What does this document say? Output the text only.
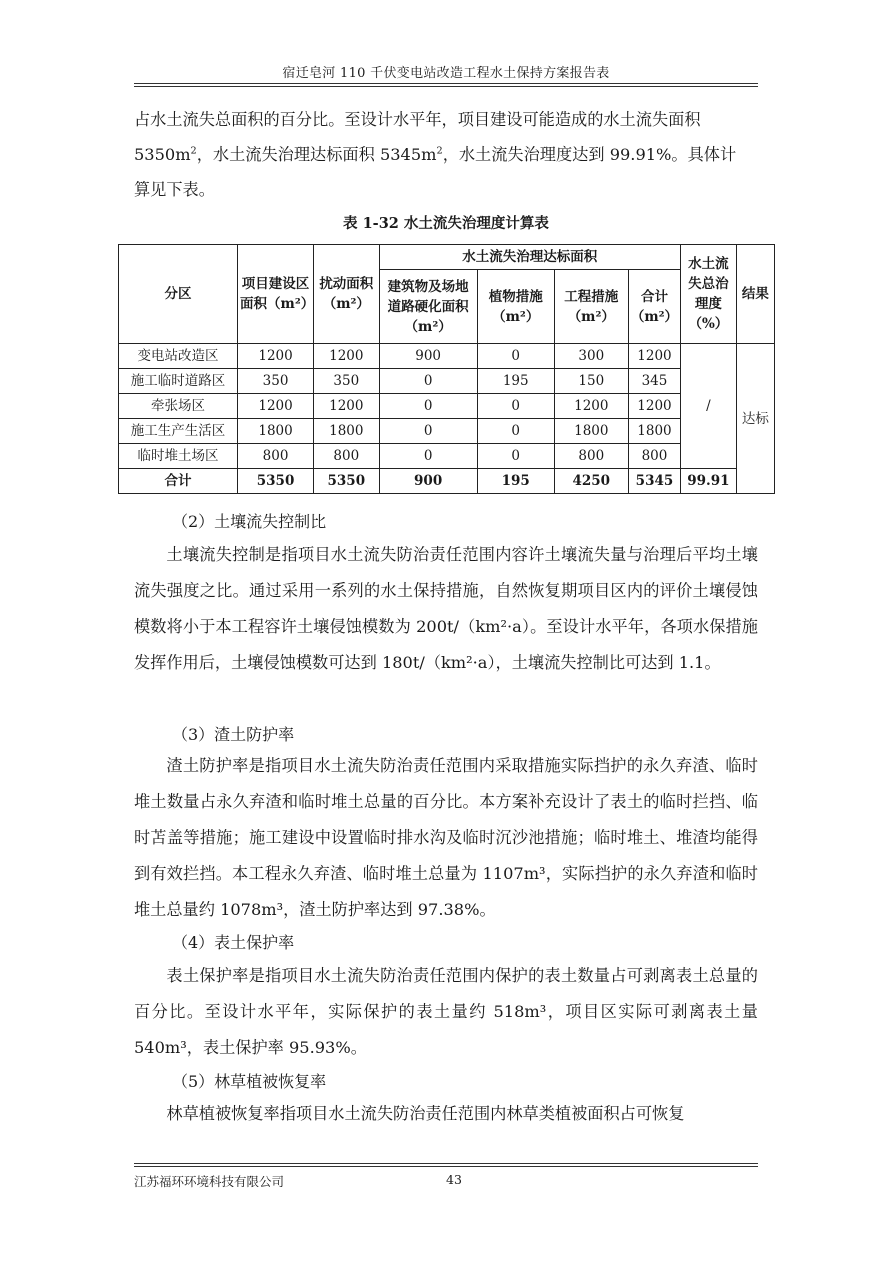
宿迁皂河 110 千伏变电站改造工程水土保持方案报告表
占水土流失总面积的百分比。至设计水平年，项目建设可能造成的水土流失面积
$5350m^2$，水土流失治理达标面积 $5345m^2$，水土流失治理度达到 99.91%。具体计
算见下表。
表 1-32 水土流失治理度计算表
分区	项目建设区面积（m²）	扰动面积（m²）	水土流失治理达标面积				水土流失总治理度（%）	结果
			建筑物及场地道路硬化面积（m²）	植物措施（m²）	工程措施（m²）	合计（m²）		
变电站改造区	1200	1200	900	0	300	1200	/	达标
施工临时道路区	350	350	0	195	150	345		
牵张场区	1200	1200	0	0	1200	1200		
施工生产生活区	1800	1800	0	0	1800	1800		
临时堆土场区	800	800	0	0	800	800		
合计	5350	5350	900	195	4250	5345	99.91	
（2）土壤流失控制比
土壤流失控制是指项目水土流失防治责任范围内容许土壤流失量与治理后平均土壤流失强度之比。通过采用一系列的水土保持措施，自然恢复期项目区内的评价土壤侵蚀模数将小于本工程容许土壤侵蚀模数为 200t/（km²·a）。至设计水平年，各项水保措施发挥作用后，土壤侵蚀模数可达到 180t/（km²·a），土壤流失控制比可达到 1.1。
（3）渣土防护率
渣土防护率是指项目水土流失防治责任范围内采取措施实际挡护的永久弃渣、临时堆土数量占永久弃渣和临时堆土总量的百分比。本方案补充设计了表土的临时拦挡、临时苫盖等措施；施工建设中设置临时排水沟及临时沉沙池措施；临时堆土、堆渣均能得到有效拦挡。本工程永久弃渣、临时堆土总量为 1107m³，实际挡护的永久弃渣和临时堆土总量约 1078m³，渣土防护率达到 97.38%。
（4）表土保护率
表土保护率是指项目水土流失防治责任范围内保护的表土数量占可剥离表土总量的百分比。至设计水平年，实际保护的表土量约 518m³，项目区实际可剥离表土量 540m³，表土保护率 95.93%。
（5）林草植被恢复率
林草植被恢复率指项目水土流失防治责任范围内林草类植被面积占可恢复
江苏福环环境科技有限公司	43
